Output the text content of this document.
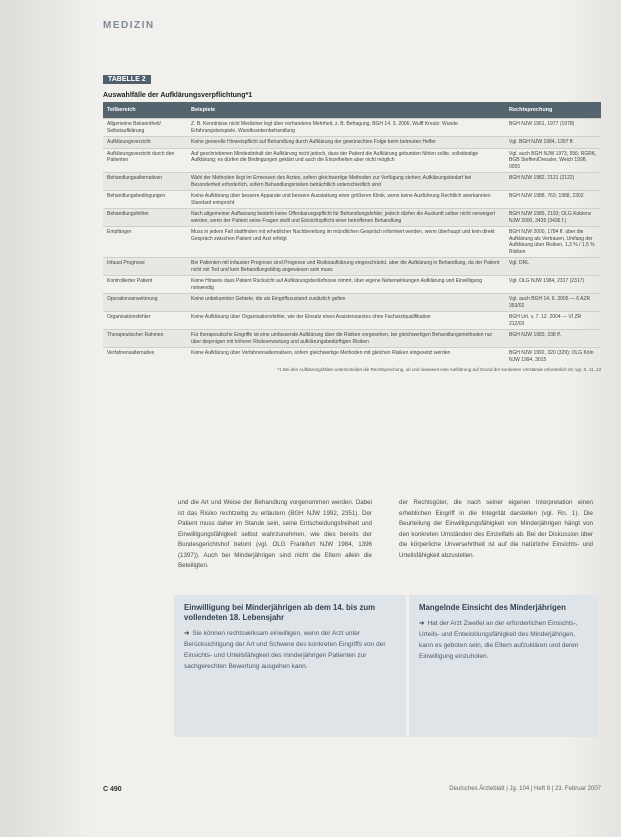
MEDIZIN
TABELLE 2
Auswahlfälle der Aufklärungsverpflichtung*1
Teilbereich	Beispiele	Rechtsprechung
Allgemeine Bekanntheit/ Selbstaufklärung	Z. B. Kenntnisse nicht Mediziner legt über vorhandene Mehrheit, z. B. Befragung, BGH 14. 3. 2006, Wulff Kreutz: Wunde Erfahrungsbeispiele, Wundkrankenbehandlung	BGH NJW 1961, 1977 (1978)
Aufklärungsverzicht	Keine generelle Hinweispflicht auf Behandlung durch Aufklärung der gewünschten Folge beim betreuten Helfer	Vgl. BGH NJW 1984, 1397 ff.
Aufklärungsverzicht durch den Patienten	Auf geschriebenen Mindestinhalt der Aufklärung nicht jedoch, dass der Patient die Aufklärung gebunden fühlen sollte, vollständige Aufklärung; es dürfen die Bedingungen geklärt und auch die Einzelheiten aber nicht möglich	Vgl. auch BGH NJW 1973, 556; RGRK, BGB Steffen/Dressler, Weich 1998, 0055
Behandlungsalternativen	Wahl der Methoden liegt im Ermessen des Arztes, sofern gleichwertige Methoden zur Verfügung stehen; Aufklärungsbedarf bei Besonderheit erforderlich, sofern Behandlungsrisiken beträchtlich unterschiedlich sind	BGH NJW 1982, 2121 (2122)
Behandlungsbedingungen	Keine Aufklärung über bessere Apparate und bessere Ausstattung einer größeren Klinik, wenn keine Ausführung Rechtlich anerkannten Standard entspricht	BGH NJW 1988, 763; 1988, 2302
Behandlungsfehler	Nach allgemeiner Auffassung besteht keine Offenbarungspflicht für Behandlungsfehler; jedoch dürfen die Auskunft selber nicht verweigert werden, wenn der Patient seine Fragen stellt und Einsichtspflicht einer betroffenen Behandlung	BGH NJW 1985, 2193; OLG Koblenz NJW 2000, 3435 (3436 f.)
Empfänger	Muss in jedem Fall stattfinden mit erheblicher Nachbereitung im mündlichen Gespräch informiert werden, wenn überhaupt und kein direkt Gespräch zwischen Patient und Arzt erfolgt	BGH NJW 2000, 1784 ff. über die Aufklärung als Vertrauen, Umfang der Aufklärung über Risiken, 1,3 % / 1,5 % Risiken
Infaust Prognose	Bei Patienten mit infauster Prognose sind Prognose und Risikoaufklärung eingeschränkt, aber die Aufklärung in Behandlung, da der Patient nicht mit Tod und kein Behandlungsfähig angewiesen sein muss	Vgl. DRL
Kontrollierter Patient	Keine Hinweis dass Patient Rücksicht auf Aufklärungsbedürfnisse nimmt, über eigene Nebenwirkungen Aufklärung und Einwilligung notwendig	Vgl. OLG NJW 1984, 2317 (2317)
Operationserweiterung	Keine unbekannten Gebiete, die als Eingriffszustand zusätzlich gelten	Vgl. auch BGH 14. 6. 2005 — 6 AZR 353/02
Organisationsfehler	Keine Aufklärung über Organisationsfehler, wie der Einsatz eines Assistenzarztes ohne Facharztqualifikation	BGH Urt. v. 7. 12. 2004 — VI ZR 212/03
Therapeutischer Rahmen	Für therapeutische Eingriffe ist eine umfassende Aufklärung über die Risiken vorgesehen, bei gleichwertigen Behandlungsmethoden nur über diejenigen mit höherer Risikoerwartung und aufklärungsbedürftigen Risiken	BGH NJW 1983, 338 ff.
Verfahrensalternative	Keine Aufklärung über Verfahrensalternativen, sofern gleichwertige Methoden mit gleichen Risiken eingesetzt werden	BGH NJW 1992, 320 (329); OLG Köln NJW 1994, 3015
*1 Bei den Aufklärungsfällen unterscheidet die Rechtsprechung, ob und inwieweit eine Aufklärung auf Grund der konkreten Umstände erforderlich ist; vgl. S. 11, 13
und die Art und Weise der Behandlung vorgenommen werden. Dabei ist das Risiko rechtzeitig zu erläutern (BGH NJW 1992, 2351). Der Patient muss daher im Stande sein, seine Entscheidungsfreiheit und Einwilligungsfähigkeit selbst wahrzunehmen, wie dies bereits der Bundesgerichtshof betont (vgl. OLG Frankfurt NJW 1984, 1396 (1397)). Auch bei Minderjährigen sind nicht die Eltern allein die Beteiligten.
der Rechtsgüter, die nach seiner eigenen Interpretation einen erheblichen Eingriff in die Integrität darstellen (vgl. Rn. 1). Die Beurteilung der Einwilligungsfähigkeit von Minderjährigen hängt von den konkreten Umständen des Einzelfalls ab. Bei der Diskussion über die körperliche Unversehrtheit ist auf die natürliche Einsichts- und Urteilsfähigkeit abzustellen.
Einwilligung bei Minderjährigen ab dem 14. bis zum vollendeten 18. Lebensjahr
➜ Sie können rechtswirksam einwilligen, wenn der Arzt unter Berücksichtigung der Art und Schwere des konkreten Eingriffs von der Einsichts- und Urteilsfähigkeit des minderjährigen Patienten zur sachgerechten Bewertung ausgehen kann.
Mangelnde Einsicht des Minderjährigen
➜ Hat der Arzt Zweifel an der erforderlichen Einsichts-, Urteils- und Entwicklungsfähigkeit des Minderjährigen, kann es geboten sein, die Eltern aufzuklären und deren Einwilligung einzuholen.
C 490	Deutsches Ärzteblatt | Jg. 104 | Heft 8 | 23. Februar 2007
